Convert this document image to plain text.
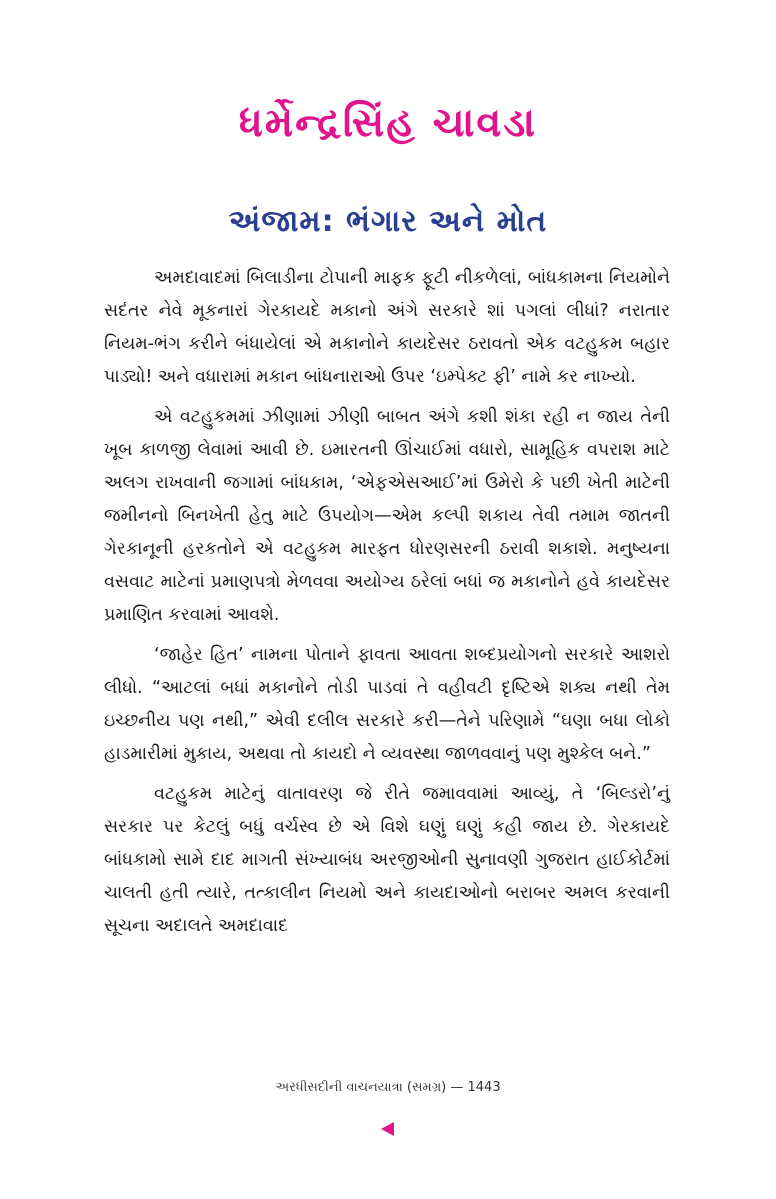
ધર્મેન્દ્રસિંહ ચાવડા
અંજામ: ભંગાર અને મોત

અમદાવાદમાં બિલાડીના ટોપાની માફક ફૂટી નીકળેલાં, બાંધકામના નિયમોને સદંતર નેવે મૂકનારાં ગેરકાયદે મકાનો અંગે સરકારે શાં પગલાં લીધાં? નરાતાર નિયમ-ભંગ કરીને બંધાયેલાં એ મકાનોને કાયદેસર ઠરાવતો એક વટહુકમ બહાર પાડ્યો! અને વધારામાં મકાન બાંધનારાઓ ઉપર ‘ઇમ્પેક્ટ ફી’ નામે કર નાખ્યો.

એ વટહુકમમાં ઝીણામાં ઝીણી બાબત અંગે કશી શંકા રહી ન જાય તેની ખૂબ કાળજી લેવામાં આવી છે. ઇમારતની ઊંચાઈમાં વધારો, સામૂહિક વપરાશ માટે અલગ રાખવાની જગામાં બાંધકામ, ‘એફએસઆઈ’માં ઉમેરો કે પછી ખેતી માટેની જમીનનો બિનખેતી હેતુ માટે ઉપયોગ—એમ કલ્પી શકાય તેવી તમામ જાતની ગેરકાનૂની હરકતોને એ વટહુકમ મારફત ધોરણસરની ઠરાવી શકાશે. મનુષ્યના વસવાટ માટેનાં પ્રમાણપત્રો મેળવવા અયોગ્ય ઠરેલાં બધાં જ મકાનોને હવે કાયદેસર પ્રમાણિત કરવામાં આવશે.

‘જાહેર હિત’ નામના પોતાને ફાવતા આવતા શબ્દપ્રયોગનો સરકારે આશરો લીધો. “આટલાં બધાં મકાનોને તોડી પાડવાં તે વહીવટી દૃષ્ટિએ શક્ય નથી તેમ ઇચ્છનીય પણ નથી,” એવી દલીલ સરકારે કરી—તેને પરિણામે “ઘણા બધા લોકો હાડમારીમાં મુકાય, અથવા તો કાયદો ને વ્યવસ્થા જાળવવાનું પણ મુશ્કેલ બને.”

વટહુકમ માટેનું વાતાવરણ જે રીતે જમાવવામાં આવ્યું, તે ‘બિલ્ડરો’નું સરકાર પર કેટલું બધું વર્ચસ્વ છે એ વિશે ઘણું ઘણું કહી જાય છે. ગેરકાયદે બાંધકામો સામે દાદ માગતી સંખ્યાબંધ અરજીઓની સુનાવણી ગુજરાત હાઈકોર્ટમાં ચાલતી હતી ત્યારે, તત્કાલીન નિયમો અને કાયદાઓનો બરાબર અમલ કરવાની સૂચના અદાલતે અમદાવાદ

અરધીસદીની વાચનયાત્રા (સમગ્ર) — 1443
